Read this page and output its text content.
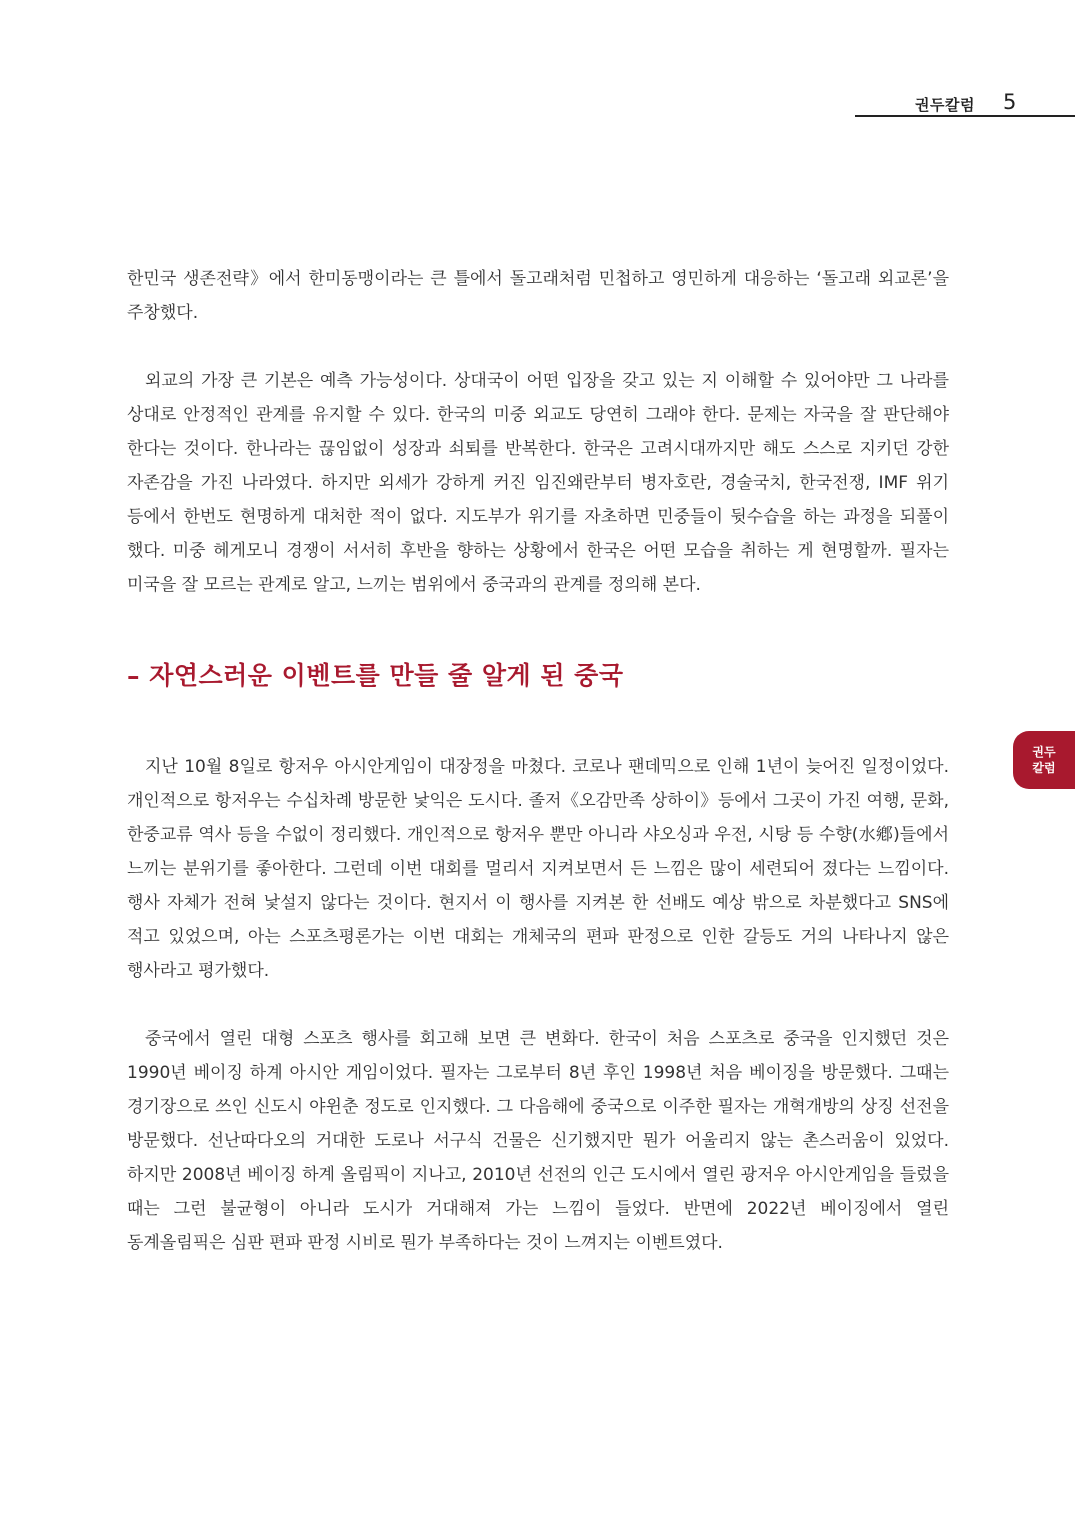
권두칼럼 5
권두
칼럼

한민국 생존전략》에서 한미동맹이라는 큰 틀에서 돌고래처럼 민첩하고 영민하게 대응하는 ‘돌고래 외교론’을 주창했다.

외교의 가장 큰 기본은 예측 가능성이다. 상대국이 어떤 입장을 갖고 있는 지 이해할 수 있어야만 그 나라를 상대로 안정적인 관계를 유지할 수 있다. 한국의 미중 외교도 당연히 그래야 한다. 문제는 자국을 잘 판단해야 한다는 것이다. 한나라는 끊임없이 성장과 쇠퇴를 반복한다. 한국은 고려시대까지만 해도 스스로 지키던 강한 자존감을 가진 나라였다. 하지만 외세가 강하게 커진 임진왜란부터 병자호란, 경술국치, 한국전쟁, IMF 위기 등에서 한번도 현명하게 대처한 적이 없다. 지도부가 위기를 자초하면 민중들이 뒷수습을 하는 과정을 되풀이 했다. 미중 헤게모니 경쟁이 서서히 후반을 향하는 상황에서 한국은 어떤 모습을 취하는 게 현명할까. 필자는 미국을 잘 모르는 관계로 알고, 느끼는 범위에서 중국과의 관계를 정의해 본다.

– 자연스러운 이벤트를 만들 줄 알게 된 중국

지난 10월 8일로 항저우 아시안게임이 대장정을 마쳤다. 코로나 팬데믹으로 인해 1년이 늦어진 일정이었다. 개인적으로 항저우는 수십차례 방문한 낯익은 도시다. 졸저《오감만족 상하이》등에서 그곳이 가진 여행, 문화, 한중교류 역사 등을 수없이 정리했다. 개인적으로 항저우 뿐만 아니라 샤오싱과 우전, 시탕 등 수향(水鄕)들에서 느끼는 분위기를 좋아한다. 그런데 이번 대회를 멀리서 지켜보면서 든 느낌은 많이 세련되어 졌다는 느낌이다. 행사 자체가 전혀 낯설지 않다는 것이다. 현지서 이 행사를 지켜본 한 선배도 예상 밖으로 차분했다고 SNS에 적고 있었으며, 아는 스포츠평론가는 이번 대회는 개체국의 편파 판정으로 인한 갈등도 거의 나타나지 않은 행사라고 평가했다.

중국에서 열린 대형 스포츠 행사를 회고해 보면 큰 변화다. 한국이 처음 스포츠로 중국을 인지했던 것은 1990년 베이징 하계 아시안 게임이었다. 필자는 그로부터 8년 후인 1998년 처음 베이징을 방문했다. 그때는 경기장으로 쓰인 신도시 야윈춘 정도로 인지했다. 그 다음해에 중국으로 이주한 필자는 개혁개방의 상징 선전을 방문했다. 선난따다오의 거대한 도로나 서구식 건물은 신기했지만 뭔가 어울리지 않는 촌스러움이 있었다. 하지만 2008년 베이징 하계 올림픽이 지나고, 2010년 선전의 인근 도시에서 열린 광저우 아시안게임을 들렀을 때는 그런 불균형이 아니라 도시가 거대해져 가는 느낌이 들었다. 반면에 2022년 베이징에서 열린 동계올림픽은 심판 편파 판정 시비로 뭔가 부족하다는 것이 느껴지는 이벤트였다.
